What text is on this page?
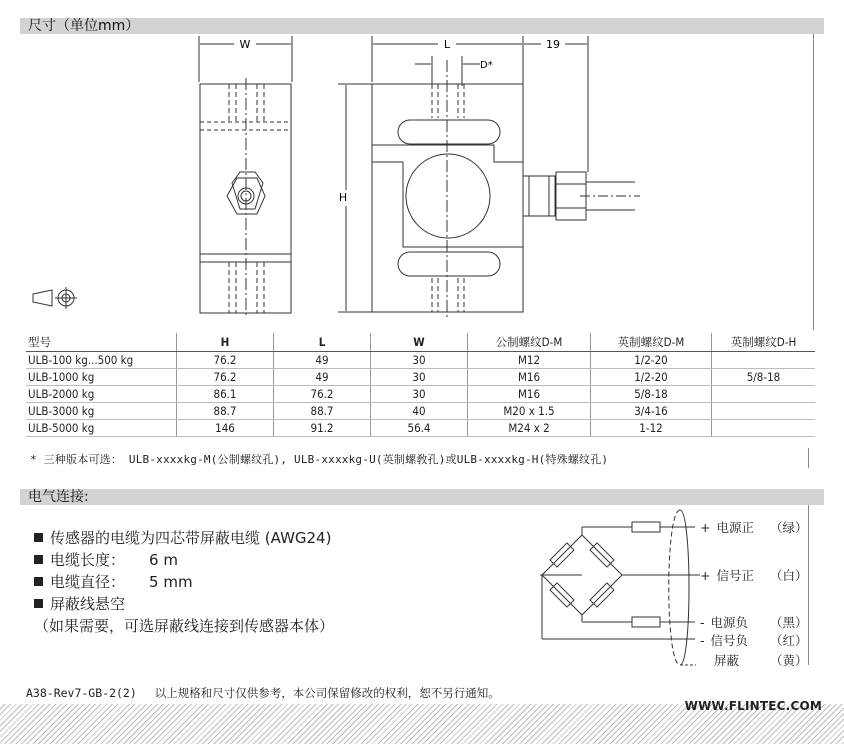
尺寸（单位mm）
W	L
D*
19
H
型号	H	L	W	公制螺纹D-M	英制螺纹D-M	英制螺纹D-H
ULB-100 kg...500 kg	76.2	49	30	M12	1/2-20	
ULB-1000 kg	76.2	49	30	M16	1/2-20	5/8-18
ULB-2000 kg	86.1	76.2	30	M16	5/8-18	
ULB-3000 kg	88.7	88.7	40	M20 x 1.5	3/4-16	
ULB-5000 kg	146	91.2	56.4	M24 x 2	1-12	
* 三种版本可选： ULB-xxxxkg-M(公制螺纹孔), ULB-xxxxkg-U(英制螺敎孔)或ULB-xxxxkg-H(特殊螺纹孔)
电气连接:
传感器的电缆为四芯带屏蔽电缆 (AWG24)
电缆长度： 6 m
电缆直径： 5 mm
屏蔽线悬空
（如果需要，可选屏蔽线连接到传感器本体）
+ 电源正 （绿）
+ 信号正 （白）
- 电源负 （黑）
- 信号负 （红）
屏蔽 （黄）
A38-Rev7-GB-2(2) 以上规格和尺寸仅供参考，本公司保留修改的权利，恕不另行通知。
WWW.FLINTEC.COM
